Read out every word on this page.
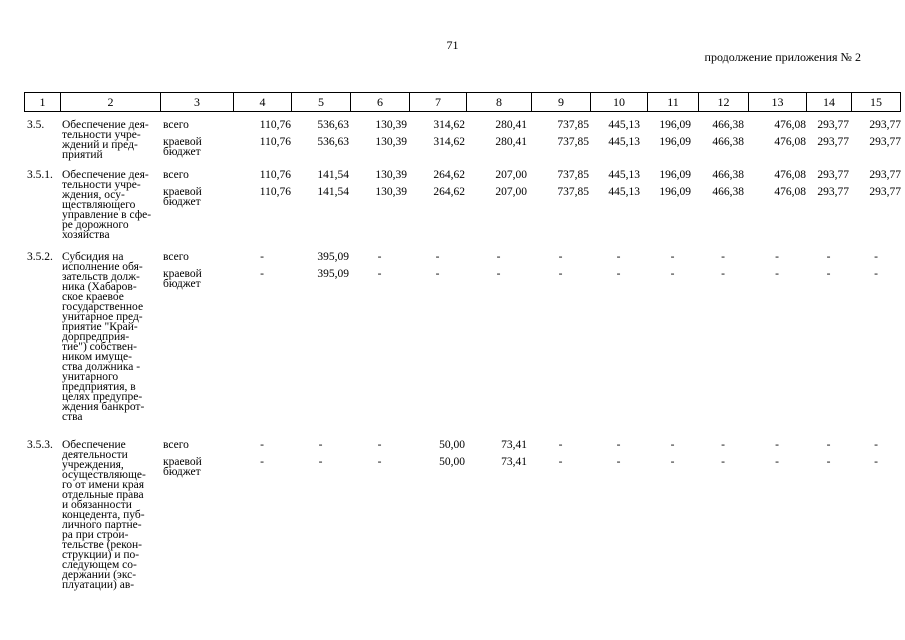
71
продолжение приложения № 2
1	2	3	4	5	6	7	8	9	10	11	12	13	14	15
3.5. Обеспечение дея-
тельности учре-
ждений и пред-
приятий
всего	110,76	536,63	130,39	314,62	280,41	737,85	445,13	196,09	466,38	476,08 293,77	293,77
краевой
бюджет
110,76	536,63	130,39	314,62	280,41	737,85	445,13	196,09	466,38	476,08 293,77	293,77
3.5.1. Обеспечение дея-
тельности учре-
ждения, осу-
ществляющего
управление в сфе-
ре дорожного
хозяйства
всего	110,76	141,54	130,39	264,62	207,00	737,85	445,13	196,09	466,38	476,08 293,77	293,77
краевой
бюджет
110,76	141,54	130,39	264,62	207,00	737,85	445,13	196,09	466,38	476,08 293,77	293,77
3.5.2. Субсидия на
исполнение обя-
зательств долж-
ника (Хабаров-
ское краевое
государственное
унитарное пред-
приятие "Край-
дорпредприя-
тие") собствен-
ником имуще-
ства должника -
унитарного
предприятия, в
целях предупре-
ждения банкрот-
ства
всего	-	395,09	-	-	-	-	-	-	-	-	-	-
краевой
бюджет
-	395,09	-	-	-	-	-	-	-	-	-	-
3.5.3. Обеспечение
деятельности
учреждения,
осуществляюще-
го от имени края
отдельные права
и обязанности
концедента, пуб-
личного партне-
ра при строи-
тельстве (рекон-
струкции) и по-
следующем со-
держании (экс-
плуатации) ав-
всего	-	-	-	50,00	73,41	-	-	-	-	-	-	-
краевой
бюджет
-	-	-	50,00	73,41	-	-	-	-	-	-	-
